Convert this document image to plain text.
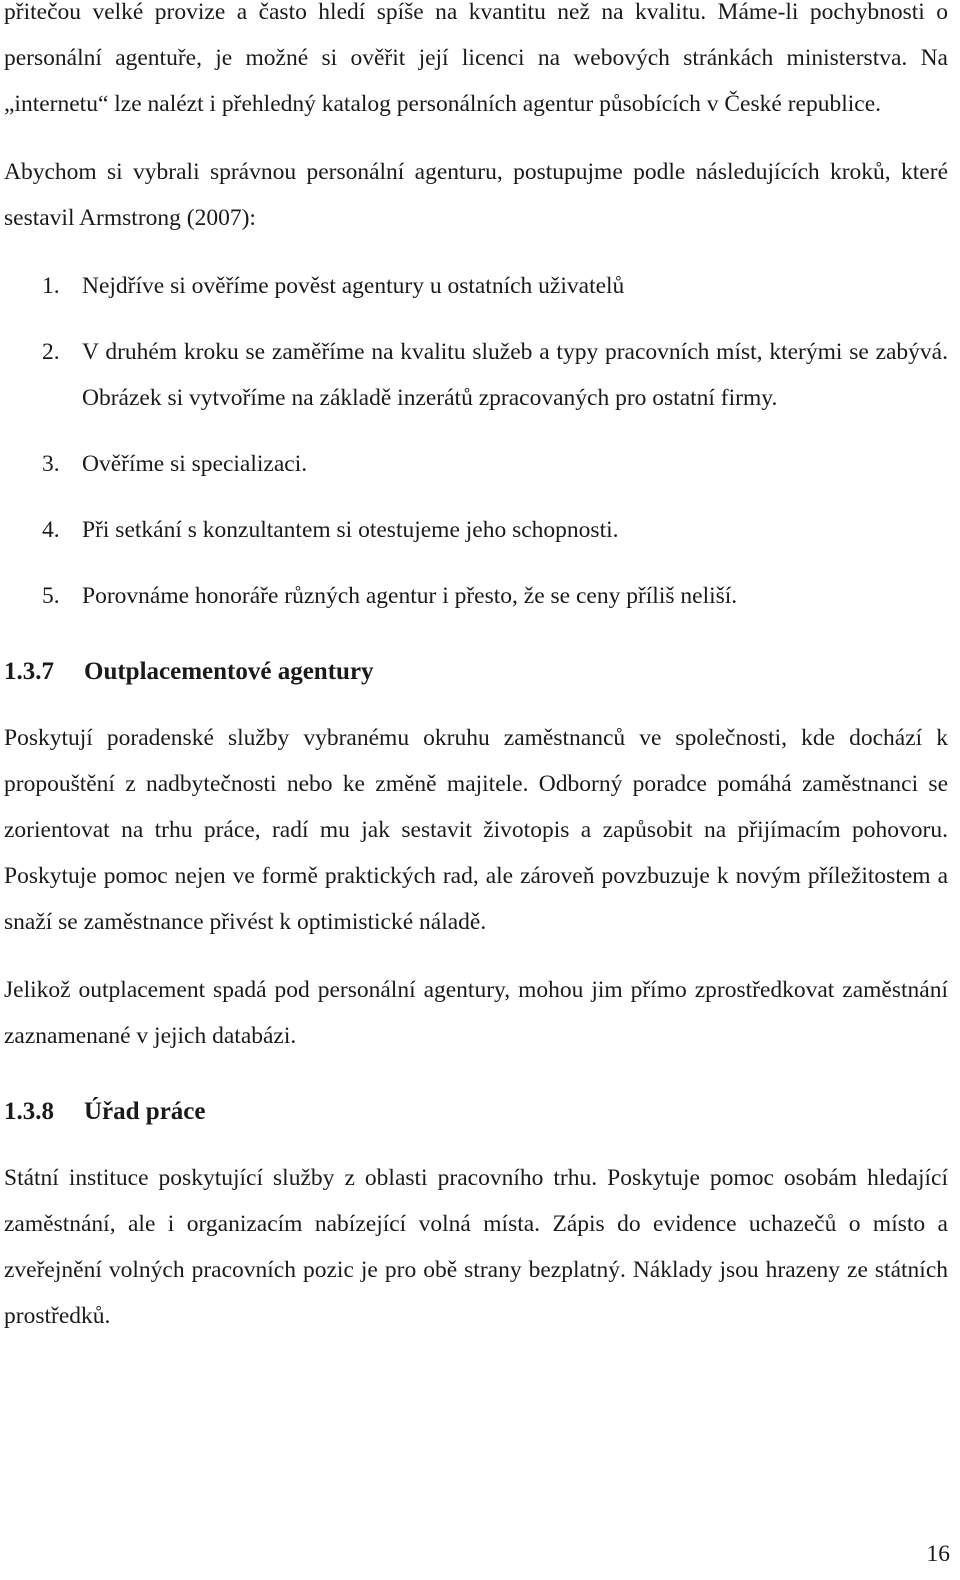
přitečou velké provize a často hledí spíše na kvantitu než na kvalitu. Máme-li pochybnosti o personální agentuře, je možné si ověřit její licenci na webových stránkách ministerstva. Na „internetu“ lze nalézt i přehledný katalog personálních agentur působících v České republice.

Abychom si vybrali správnou personální agenturu, postupujme podle následujících kroků, které sestavil Armstrong (2007):

1. Nejdříve si ověříme pověst agentury u ostatních uživatelů
2. V druhém kroku se zaměříme na kvalitu služeb a typy pracovních míst, kterými se zabývá. Obrázek si vytvoříme na základě inzerátů zpracovaných pro ostatní firmy.
3. Ověříme si specializaci.
4. Při setkání s konzultantem si otestujeme jeho schopnosti.
5. Porovnáme honoráře různých agentur i přesto, že se ceny příliš neliší.
1.3.7 Outplacementové agentury

Poskytují poradenské služby vybranému okruhu zaměstnanců ve společnosti, kde dochází k propouštění z nadbytečnosti nebo ke změně majitele. Odborný poradce pomáhá zaměstnanci se zorientovat na trhu práce, radí mu jak sestavit životopis a zapůsobit na přijímacím pohovoru. Poskytuje pomoc nejen ve formě praktických rad, ale zároveň povzbuzuje k novým příležitostem a snaží se zaměstnance přivést k optimistické náladě.

Jelikož outplacement spadá pod personální agentury, mohou jim přímo zprostředkovat zaměstnání zaznamenané v jejich databázi.

1.3.8 Úřad práce

Státní instituce poskytující služby z oblasti pracovního trhu. Poskytuje pomoc osobám hledající zaměstnání, ale i organizacím nabízející volná místa. Zápis do evidence uchazečů o místo a zveřejnění volných pracovních pozic je pro obě strany bezplatný. Náklady jsou hrazeny ze státních prostředků.

16
